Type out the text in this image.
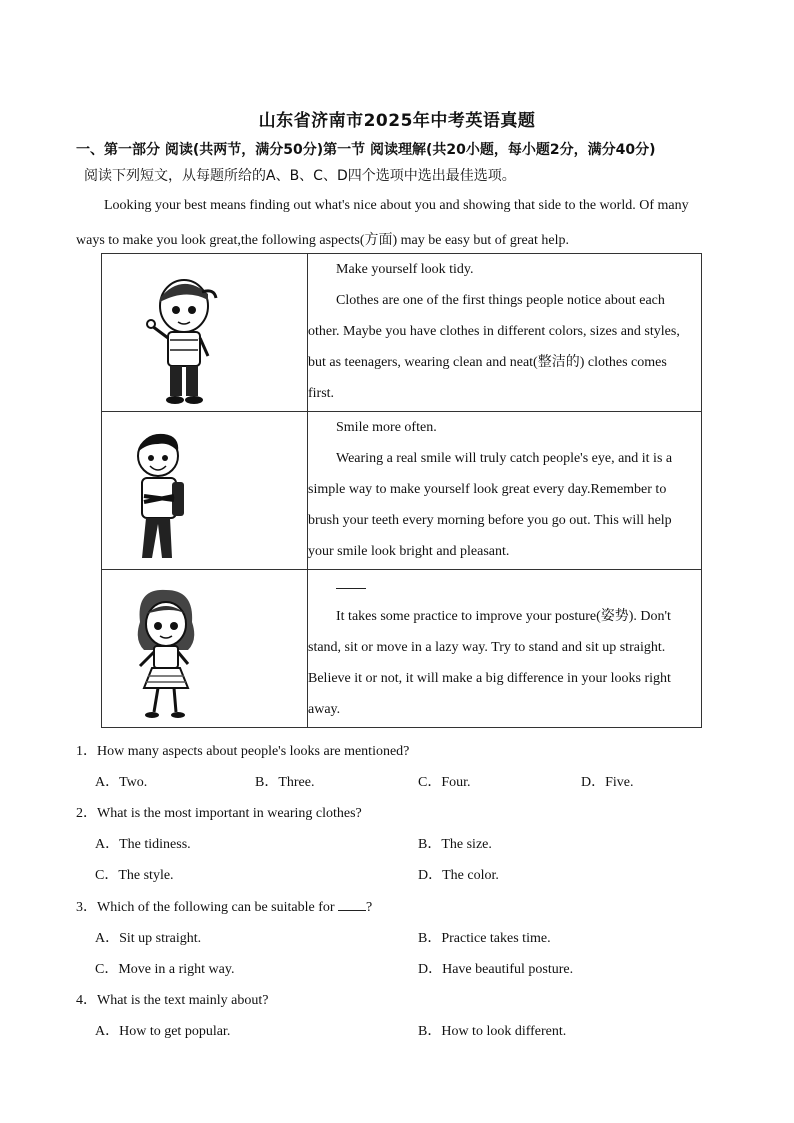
山东省济南市2025年中考英语真题
一、第一部分 阅读(共两节，满分50分)第一节 阅读理解(共20小题，每小题2分，满分40分)
阅读下列短文，从每题所给的A、B、C、D四个选项中选出最佳选项。
Looking your best means finding out what's nice about you and showing that side to the world. Of many
ways to make you look great,the following aspects(方面) may be easy but of great help.

Make yourself look tidy.
Clothes are one of the first things people notice about each
other. Maybe you have clothes in different colors, sizes and styles,
but as teenagers, wearing clean and neat(整洁的) clothes comes
first.

Smile more often.
Wearing a real smile will truly catch people's eye, and it is a
simple way to make yourself look great every day.Remember to
brush your teeth every morning before you go out. This will help
your smile look bright and pleasant.

It takes some practice to improve your posture(姿势). Don't
stand, sit or move in a lazy way. Try to stand and sit up straight.
Believe it or not, it will make a big difference in your looks right
away.
1．How many aspects about people's looks are mentioned?
A．Two.	B．Three.	C．Four.	D．Five.
2．What is the most important in wearing clothes?
A．The tidiness.	B．The size.
C．The style.	D．The color.
3．Which of the following can be suitable for ?
A．Sit up straight.	B．Practice takes time.
C．Move in a right way.	D．Have beautiful posture.
4．What is the text mainly about?
A．How to get popular.	B．How to look different.
